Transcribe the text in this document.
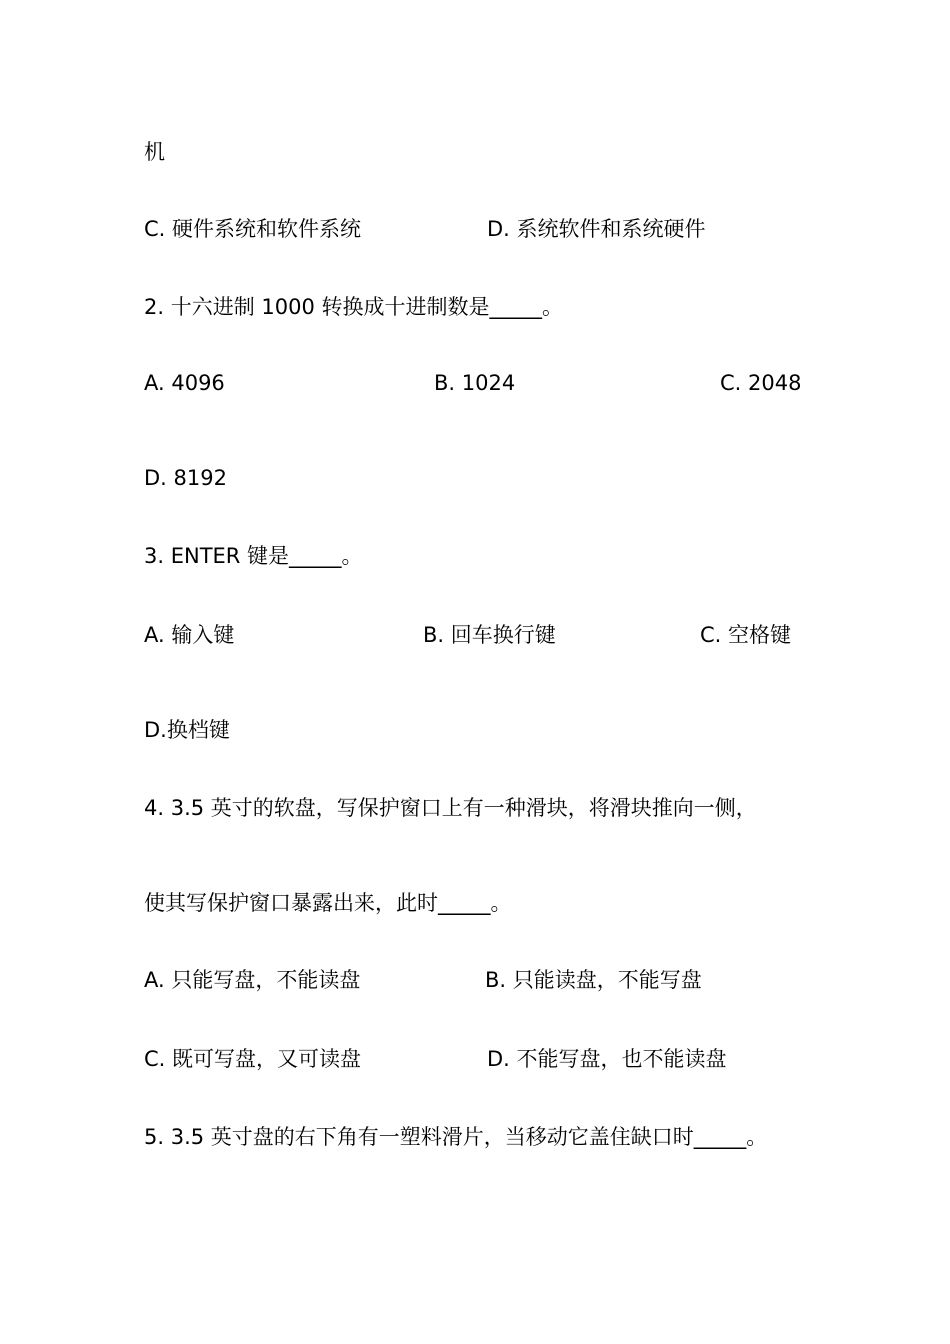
机
C. 硬件系统和软件系统	D. 系统软件和系统硬件
2. 十六进制 1000 转换成十进制数是_____。
A. 4096	B. 1024	C. 2048
D. 8192
3. ENTER 键是_____。
A. 输入键	B. 回车换行键	C. 空格键
D.换档键
4. 3.5 英寸的软盘，写保护窗口上有一种滑块，将滑块推向一侧，
使其写保护窗口暴露出来，此时_____。
A. 只能写盘，不能读盘	B. 只能读盘，不能写盘
C. 既可写盘，又可读盘	D. 不能写盘，也不能读盘
5. 3.5 英寸盘的右下角有一塑料滑片，当移动它盖住缺口时_____。
